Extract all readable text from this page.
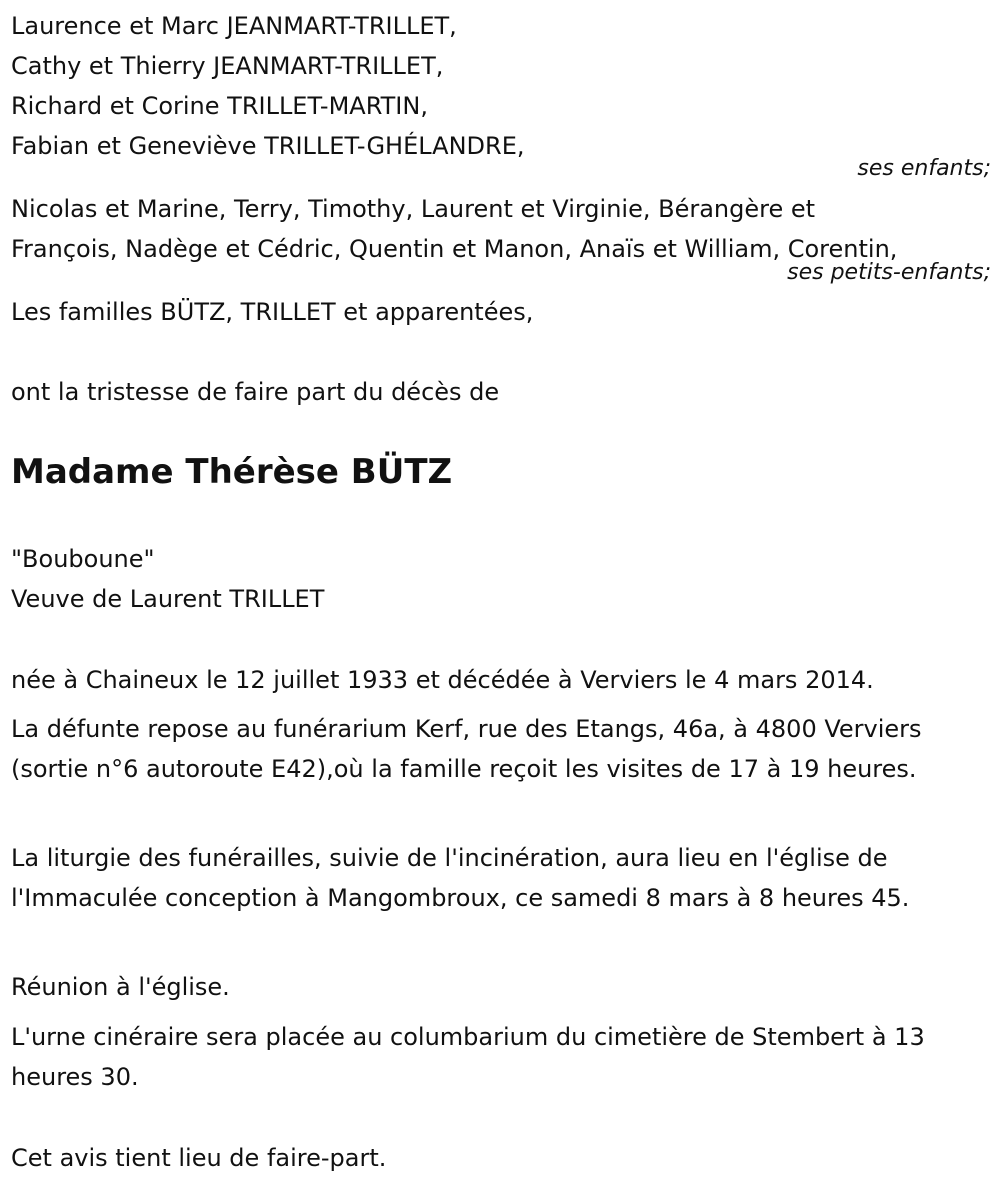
Laurence et Marc JEANMART-TRILLET,

Cathy et Thierry JEANMART-TRILLET,

Richard et Corine TRILLET-MARTIN,

Fabian et Geneviève TRILLET-GHÉLANDRE,

ses enfants;

Nicolas et Marine, Terry, Timothy, Laurent et Virginie, Bérangère et

François, Nadège et Cédric, Quentin et Manon, Anaïs et William, Corentin,

ses petits-enfants;

Les familles BÜTZ, TRILLET et apparentées,

ont la tristesse de faire part du décès de

Madame Thérèse BÜTZ

"Bouboune"

Veuve de Laurent TRILLET

née à Chaineux le 12 juillet 1933 et décédée à Verviers le 4 mars 2014.

La défunte repose au funérarium Kerf, rue des Etangs, 46a, à 4800 Verviers (sortie n°6 autoroute E42),où la famille reçoit les visites de 17 à 19 heures.

La liturgie des funérailles, suivie de l'incinération, aura lieu en l'église de l'Immaculée conception à Mangombroux, ce samedi 8 mars à 8 heures 45.

Réunion à l'église.

L'urne cinéraire sera placée au columbarium du cimetière de Stembert à 13 heures 30.

Cet avis tient lieu de faire-part.
